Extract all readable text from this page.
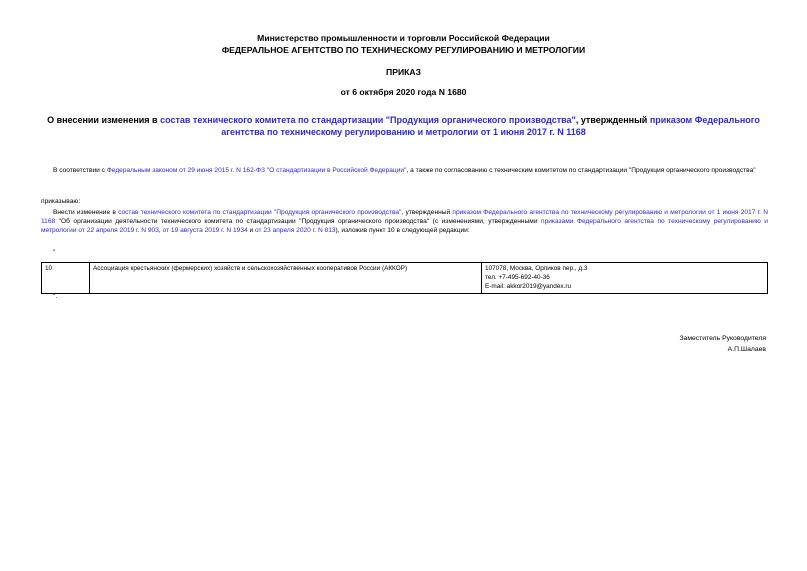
Министерство промышленности и торговли Российской Федерации
ФЕДЕРАЛЬНОЕ АГЕНТСТВО ПО ТЕХНИЧЕСКОМУ РЕГУЛИРОВАНИЮ И МЕТРОЛОГИИ
ПРИКАЗ
от 6 октября 2020 года N 1680
О внесении изменения в состав технического комитета по стандартизации "Продукция органического производства", утвержденный приказом Федерального агентства по техническому регулированию и метрологии от 1 июня 2017 г. N 1168
В соответствии с Федеральным законом от 29 июня 2015 г. N 162-ФЗ "О стандартизации в Российской Федерации", а также по согласованию с техническим комитетом по стандартизации "Продукция органического производства"
приказываю:
Внести изменение в состав технического комитета по стандартизации "Продукция органического производства", утвержденный приказом Федерального агентства по техническому регулированию и метрологии от 1 июня 2017 г. N 1168 "Об организации деятельности технического комитета по стандартизации "Продукция органического производства" (с изменениями, утвержденными приказами Федерального агентства по техническому регулированию и метрологии от 22 апреля 2019 г. N 903, от 19 августа 2019 г. N 1934 и от 23 апреля 2020 г. N 813), изложив пункт 10 в следующей редакции:
"
10	Ассоциация крестьянских (фермерских) хозяйств и сельскохозяйственных кооперативов России (АККОР)	107078, Москва, Орликов пер., д.3
тел. +7-495-692-40-36
E-mail: akkor2019@yandex.ru
".
Заместитель Руководителя
А.П.Шалаев
